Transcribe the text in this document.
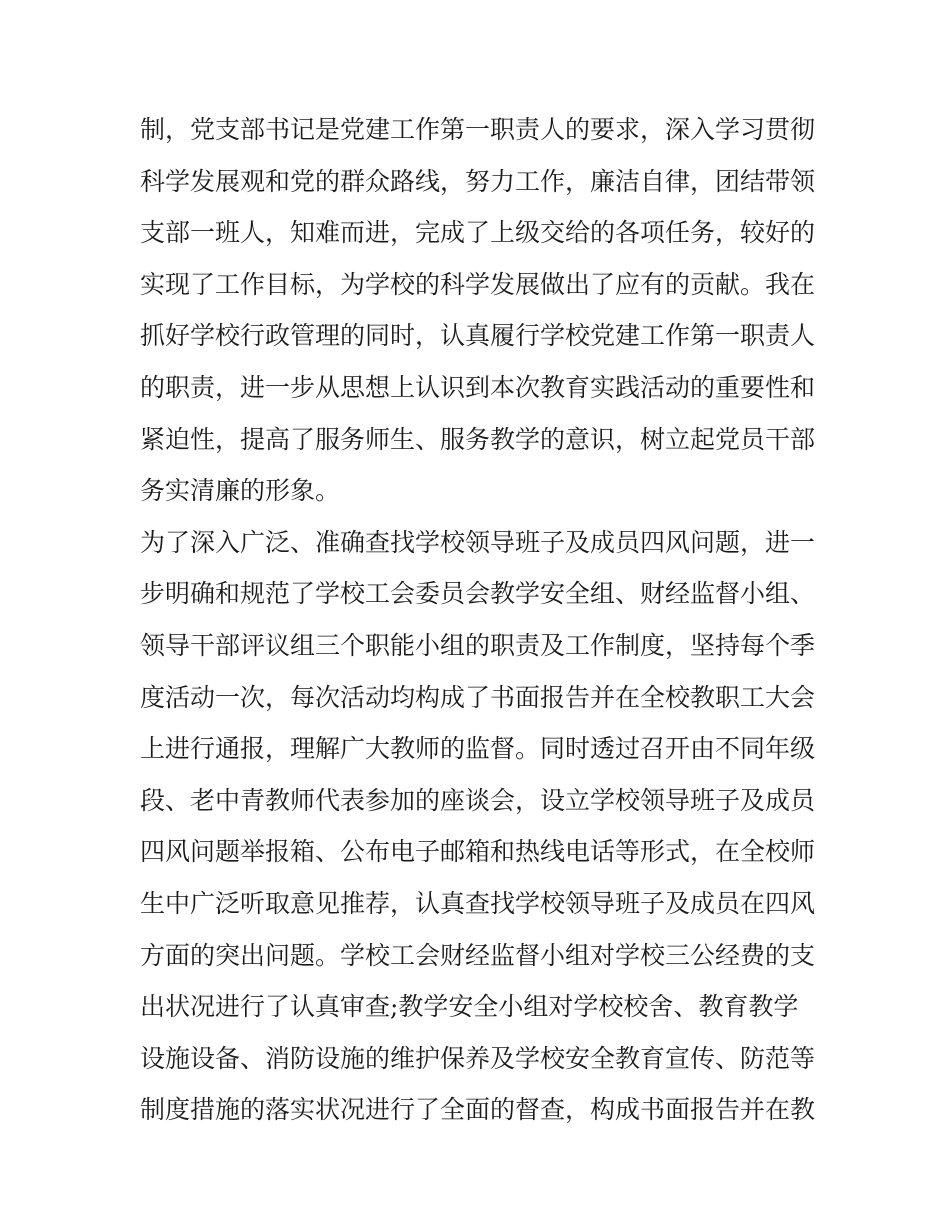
制，党支部书记是党建工作第一职责人的要求，深入学习贯彻
科学发展观和党的群众路线，努力工作，廉洁自律，团结带领
支部一班人，知难而进，完成了上级交给的各项任务，较好的
实现了工作目标，为学校的科学发展做出了应有的贡献。我在
抓好学校行政管理的同时，认真履行学校党建工作第一职责人
的职责，进一步从思想上认识到本次教育实践活动的重要性和
紧迫性，提高了服务师生、服务教学的意识，树立起党员干部
务实清廉的形象。
为了深入广泛、准确查找学校领导班子及成员四风问题，进一
步明确和规范了学校工会委员会教学安全组、财经监督小组、
领导干部评议组三个职能小组的职责及工作制度，坚持每个季
度活动一次，每次活动均构成了书面报告并在全校教职工大会
上进行通报，理解广大教师的监督。同时透过召开由不同年级
段、老中青教师代表参加的座谈会，设立学校领导班子及成员
四风问题举报箱、公布电子邮箱和热线电话等形式，在全校师
生中广泛听取意见推荐，认真查找学校领导班子及成员在四风
方面的突出问题。学校工会财经监督小组对学校三公经费的支
出状况进行了认真审查;教学安全小组对学校校舍、教育教学
设施设备、消防设施的维护保养及学校安全教育宣传、防范等
制度措施的落实状况进行了全面的督查，构成书面报告并在教
